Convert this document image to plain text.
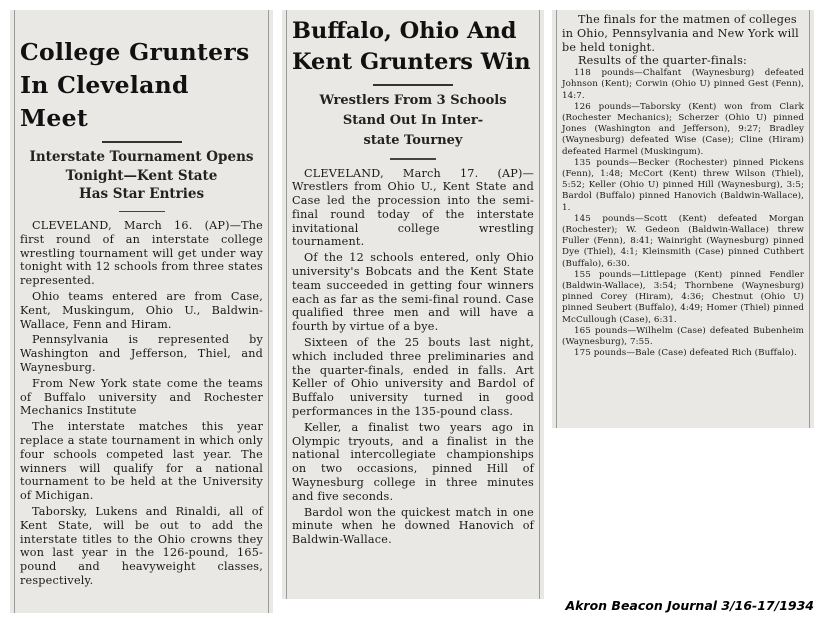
College Grunters
In Cleveland Meet
Interstate Tournament Opens
Tonight—Kent State
Has Star Entries

CLEVELAND, March 16. (AP)—The first round of an interstate college wrestling tournament will get under way tonight with 12 schools from three states represented.

Ohio teams entered are from Case, Kent, Muskingum, Ohio U., Baldwin-Wallace, Fenn and Hiram.

Pennsylvania is represented by Washington and Jefferson, Thiel, and Waynesburg.

From New York state come the teams of Buffalo university and Rochester Mechanics Institute

The interstate matches this year replace a state tournament in which only four schools competed last year. The winners will qualify for a national tournament to be held at the University of Michigan.

Taborsky, Lukens and Rinaldi, all of Kent State, will be out to add the interstate titles to the Ohio crowns they won last year in the 126-pound, 165-pound and heavyweight classes, respectively.

Buffalo, Ohio And
Kent Grunters Win
Wrestlers From 3 Schools
Stand Out In Inter-
state Tourney

CLEVELAND, March 17. (AP)—Wrestlers from Ohio U., Kent State and Case led the procession into the semi-final round today of the interstate invitational college wrestling tournament.

Of the 12 schools entered, only Ohio university's Bobcats and the Kent State team succeeded in getting four winners each as far as the semi-final round. Case qualified three men and will have a fourth by virtue of a bye.

Sixteen of the 25 bouts last night, which included three preliminaries and the quarter-finals, ended in falls. Art Keller of Ohio university and Bardol of Buffalo university turned in good performances in the 135-pound class.

Keller, a finalist two years ago in Olympic tryouts, and a finalist in the national intercollegiate championships on two occasions, pinned Hill of Waynesburg college in three minutes and five seconds.

Bardol won the quickest match in one minute when he downed Hanovich of Baldwin-Wallace.

The finals for the matmen of colleges in Ohio, Pennsylvania and New York will be held tonight.

Results of the quarter-finals:

118 pounds—Chalfant (Waynesburg) defeated Johnson (Kent); Corwin (Ohio U) pinned Gest (Fenn), 14:7.

126 pounds—Taborsky (Kent) won from Clark (Rochester Mechanics); Scherzer (Ohio U) pinned Jones (Washington and Jefferson), 9:27; Bradley (Waynesburg) defeated Wise (Case); Cline (Hiram) defeated Harmel (Muskingum).

135 pounds—Becker (Rochester) pinned Pickens (Fenn), 1:48; McCort (Kent) threw Wilson (Thiel), 5:52; Keller (Ohio U) pinned Hill (Waynesburg), 3:5; Bardol (Buffalo) pinned Hanovich (Baldwin-Wallace), 1.

145 pounds—Scott (Kent) defeated Morgan (Rochester); W. Gedeon (Baldwin-Wallace) threw Fuller (Fenn), 8:41; Wainright (Waynesburg) pinned Dye (Thiel), 4:1; Kleinsmith (Case) pinned Cuthbert (Buffalo), 6:30.

155 pounds—Littlepage (Kent) pinned Fendler (Baldwin-Wallace), 3:54; Thornbene (Waynesburg) pinned Corey (Hiram), 4:36; Chestnut (Ohio U) pinned Seubert (Buffalo), 4:49; Homer (Thiel) pinned McCullough (Case), 6:31.

165 pounds—Wilhelm (Case) defeated Bubenheim (Waynesburg), 7:55.

175 pounds—Bale (Case) defeated Rich (Buffalo).

Akron Beacon Journal 3/16-17/1934
